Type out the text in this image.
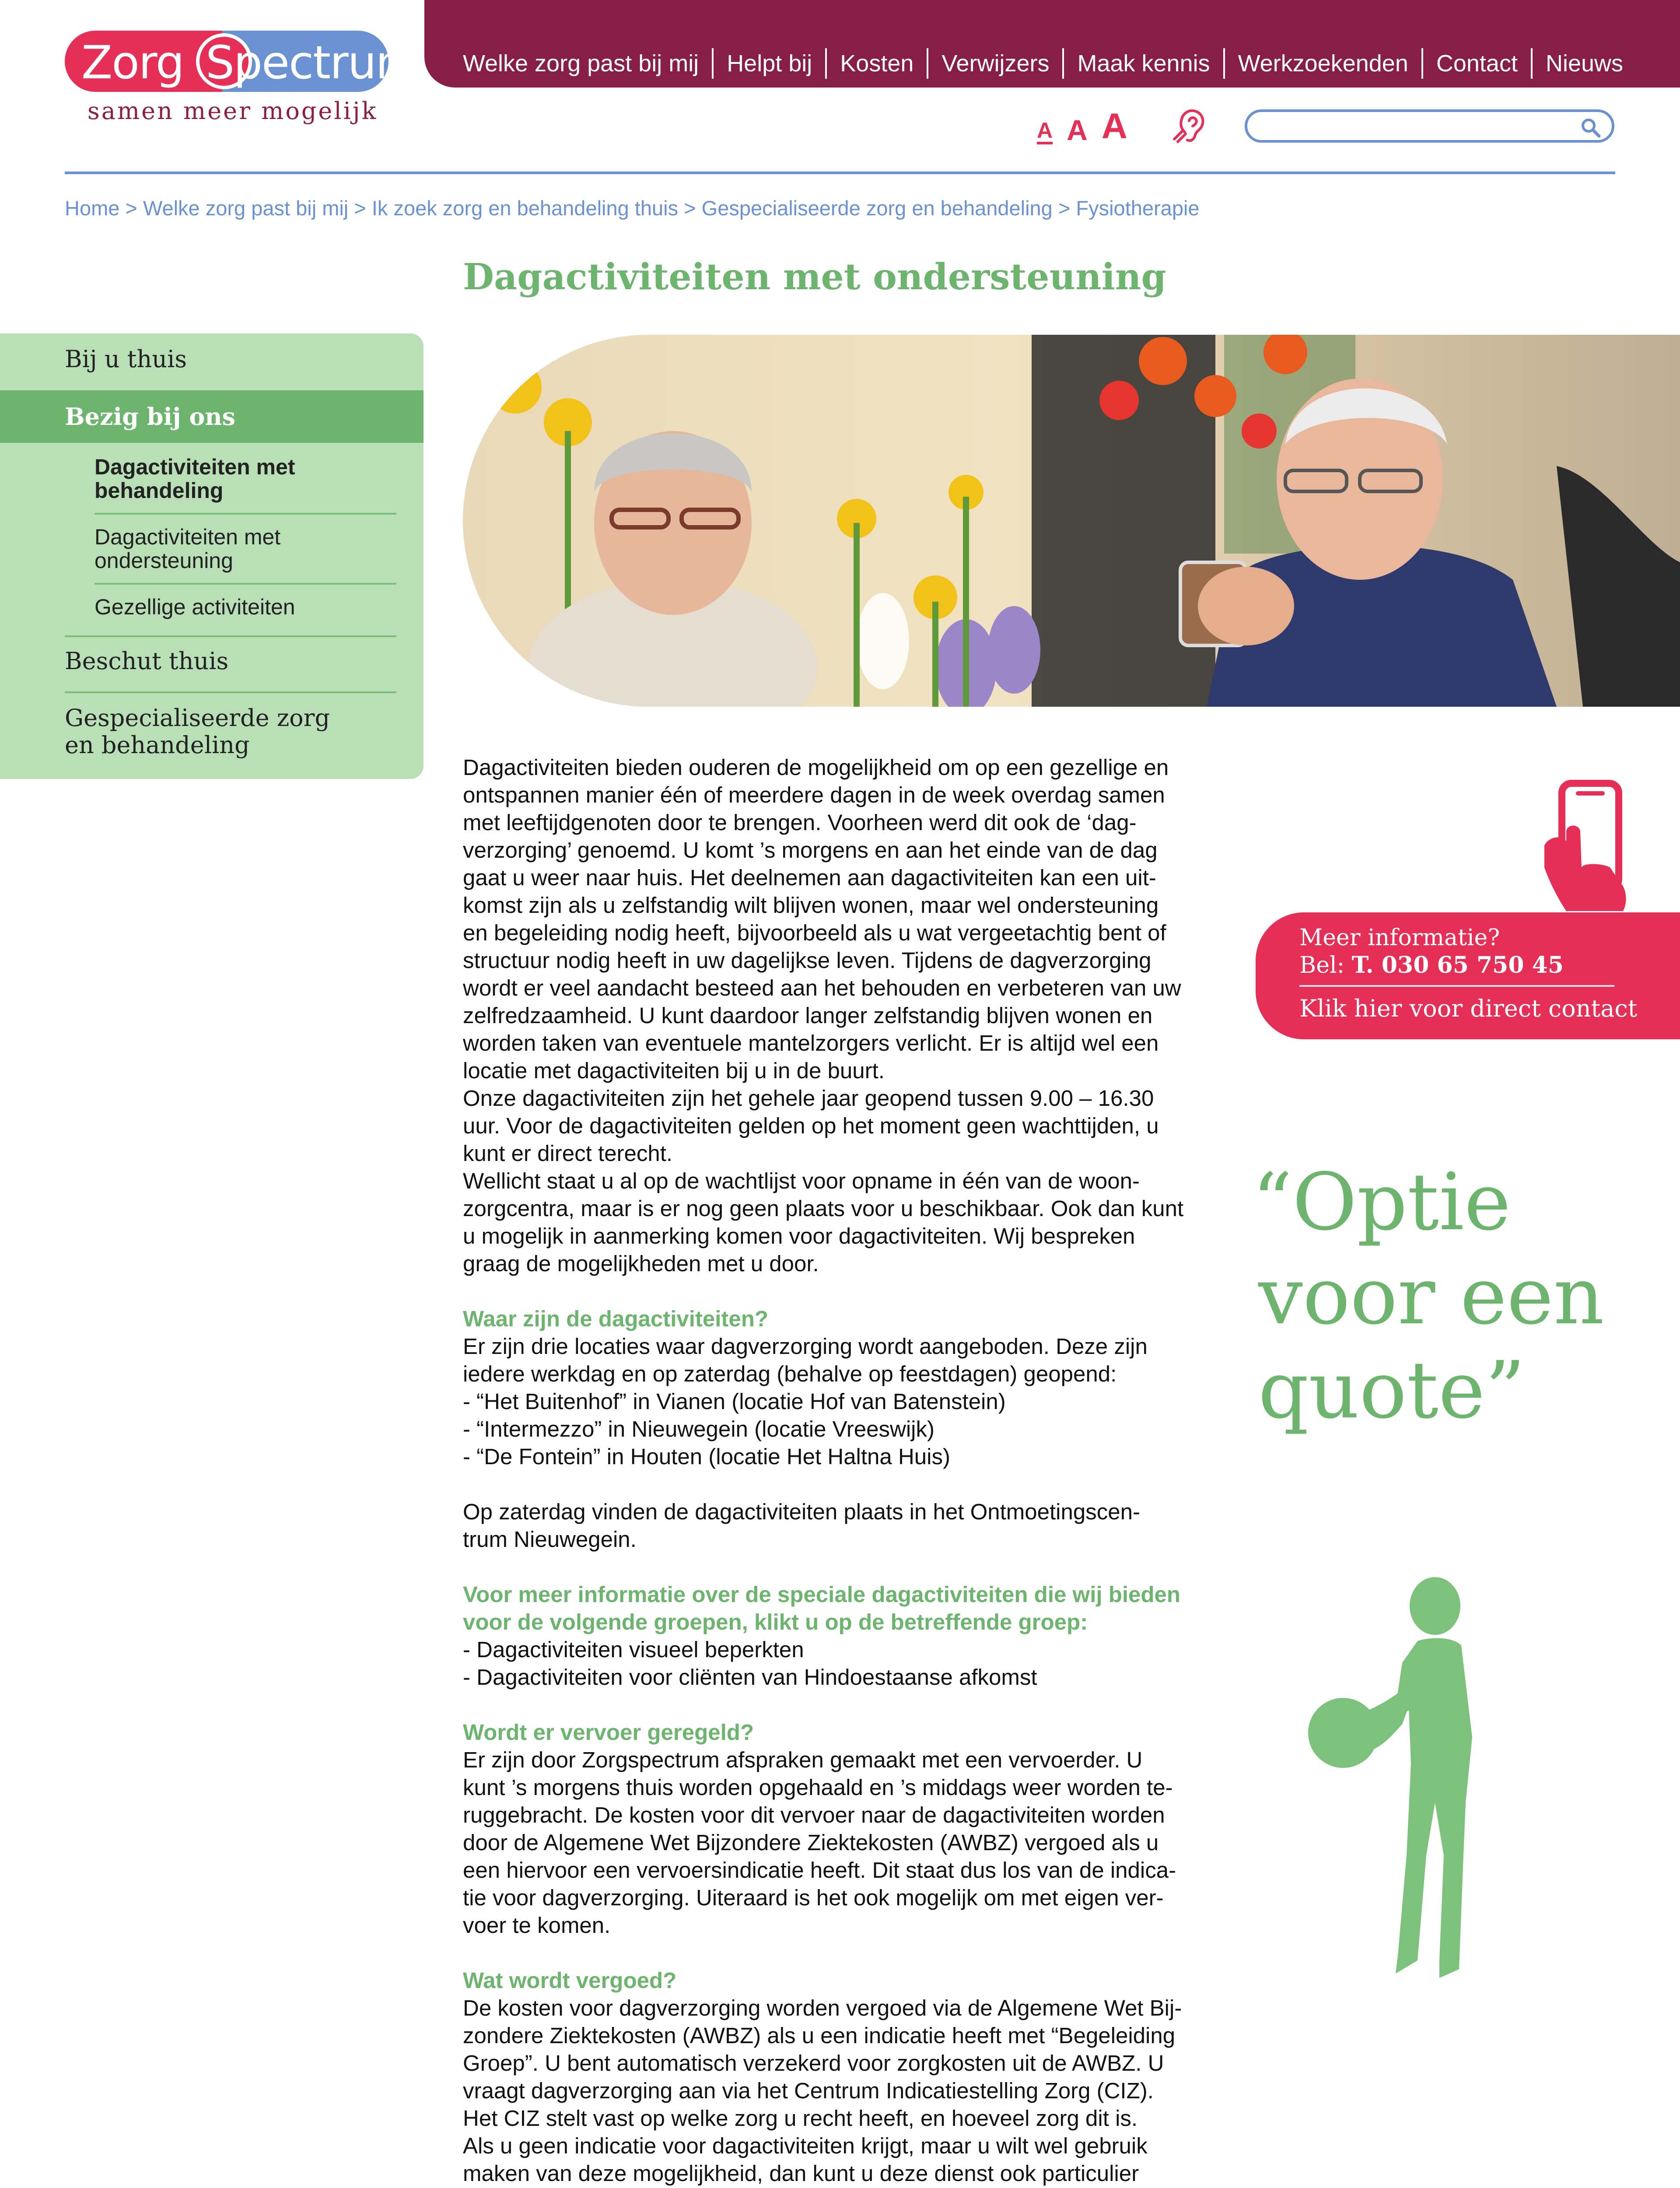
Zorg Spectrum
samen meer mogelijk
Welke zorg past bij mij	Helpt bij	Kosten	Verwijzers	Maak kennis	Werkzoekenden	Contact	Nieuws
A A A
Home > Welke zorg past bij mij > Ik zoek zorg en behandeling thuis > Gespecialiseerde zorg en behandeling > Fysiotherapie
Dagactiviteiten met ondersteuning
Bij u thuis
Bezig bij ons
Dagactiviteiten met
behandeling
Dagactiviteiten met
ondersteuning
Gezellige activiteiten
Beschut thuis
Gespecialiseerde zorg
en behandeling

Dagactiviteiten bieden ouderen de mogelijkheid om op een gezellige en

ontspannen manier één of meerdere dagen in de week overdag samen

met leeftijdgenoten door te brengen. Voorheen werd dit ook de ‘dag-

verzorging’ genoemd. U komt ’s morgens en aan het einde van de dag

gaat u weer naar huis. Het deelnemen aan dagactiviteiten kan een uit-

komst zijn als u zelfstandig wilt blijven wonen, maar wel ondersteuning

en begeleiding nodig heeft, bijvoorbeeld als u wat vergeetachtig bent of

structuur nodig heeft in uw dagelijkse leven. Tijdens de dagverzorging

wordt er veel aandacht besteed aan het behouden en verbeteren van uw

zelfredzaamheid. U kunt daardoor langer zelfstandig blijven wonen en

worden taken van eventuele mantelzorgers verlicht. Er is altijd wel een

locatie met dagactiviteiten bij u in de buurt.

Onze dagactiviteiten zijn het gehele jaar geopend tussen 9.00 – 16.30

uur. Voor de dagactiviteiten gelden op het moment geen wachttijden, u

kunt er direct terecht.

Wellicht staat u al op de wachtlijst voor opname in één van de woon-

zorgcentra, maar is er nog geen plaats voor u beschikbaar. Ook dan kunt

u mogelijk in aanmerking komen voor dagactiviteiten. Wij bespreken

graag de mogelijkheden met u door.

Waar zijn de dagactiviteiten?

Er zijn drie locaties waar dagverzorging wordt aangeboden. Deze zijn

iedere werkdag en op zaterdag (behalve op feestdagen) geopend:

- “Het Buitenhof” in Vianen (locatie Hof van Batenstein)

- “Intermezzo” in Nieuwegein (locatie Vreeswijk)

- “De Fontein” in Houten (locatie Het Haltna Huis)

Op zaterdag vinden de dagactiviteiten plaats in het Ontmoetingscen-

trum Nieuwegein.

Voor meer informatie over de speciale dagactiviteiten die wij bieden
voor de volgende groepen, klikt u op de betreffende groep:

- Dagactiviteiten visueel beperkten

- Dagactiviteiten voor cliënten van Hindoestaanse afkomst

Wordt er vervoer geregeld?

Er zijn door Zorgspectrum afspraken gemaakt met een vervoerder. U

kunt ’s morgens thuis worden opgehaald en ’s middags weer worden te-

ruggebracht. De kosten voor dit vervoer naar de dagactiviteiten worden

door de Algemene Wet Bijzondere Ziektekosten (AWBZ) vergoed als u

een hiervoor een vervoersindicatie heeft. Dit staat dus los van de indica-

tie voor dagverzorging. Uiteraard is het ook mogelijk om met eigen ver-

voer te komen.

Wat wordt vergoed?

De kosten voor dagverzorging worden vergoed via de Algemene Wet Bij-

zondere Ziektekosten (AWBZ) als u een indicatie heeft met “Begeleiding

Groep”. U bent automatisch verzekerd voor zorgkosten uit de AWBZ. U

vraagt dagverzorging aan via het Centrum Indicatiestelling Zorg (CIZ).

Het CIZ stelt vast op welke zorg u recht heeft, en hoeveel zorg dit is.

Als u geen indicatie voor dagactiviteiten krijgt, maar u wilt wel gebruik

maken van deze mogelijkheid, dan kunt u deze dienst ook particulier

Meer informatie?
Bel: T. 030 65 750 45
Klik hier voor direct contact
“Optie
voor een
quote”
